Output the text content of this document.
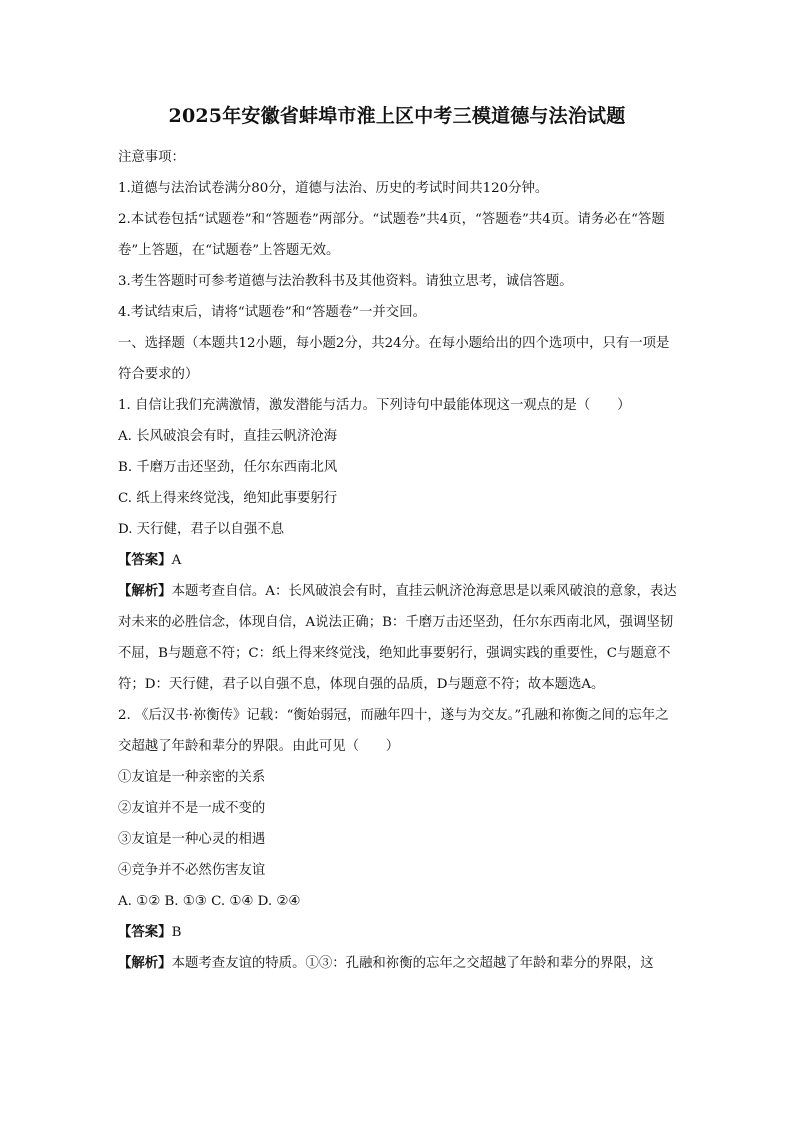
2025年安徽省蚌埠市淮上区中考三模道德与法治试题

注意事项：

1.道德与法治试卷满分80分，道德与法治、历史的考试时间共120分钟。

2.本试卷包括“试题卷”和“答题卷”两部分。“试题卷”共4页，“答题卷”共4页。请务必在“答题卷”上答题，在“试题卷”上答题无效。

3.考生答题时可参考道德与法治教科书及其他资料。请独立思考，诚信答题。

4.考试结束后，请将“试题卷”和“答题卷”一并交回。

一、选择题（本题共12小题，每小题2分，共24分。在每小题给出的四个选项中，只有一项是符合要求的）

1. 自信让我们充满激情，激发潜能与活力。下列诗句中最能体现这一观点的是（　　）

A. 长风破浪会有时，直挂云帆济沧海

B. 千磨万击还坚劲，任尔东西南北风

C. 纸上得来终觉浅，绝知此事要躬行

D. 天行健，君子以自强不息

【答案】A

【解析】本题考查自信。A：长风破浪会有时，直挂云帆济沧海意思是以乘风破浪的意象，表达对未来的必胜信念，体现自信，A说法正确；B：千磨万击还坚劲，任尔东西南北风，强调坚韧不屈，B与题意不符；C：纸上得来终觉浅，绝知此事要躬行，强调实践的重要性，C与题意不符；D：天行健，君子以自强不息，体现自强的品质，D与题意不符；故本题选A。

2. 《后汉书·祢衡传》记载：“衡始弱冠，而融年四十，遂与为交友。”孔融和祢衡之间的忘年之交超越了年龄和辈分的界限。由此可见（　　）

①友谊是一种亲密的关系

②友谊并不是一成不变的

③友谊是一种心灵的相遇

④竞争并不必然伤害友谊

A. ①② B. ①③ C. ①④ D. ②④

【答案】B

【解析】本题考查友谊的特质。①③：孔融和祢衡的忘年之交超越了年龄和辈分的界限，这
